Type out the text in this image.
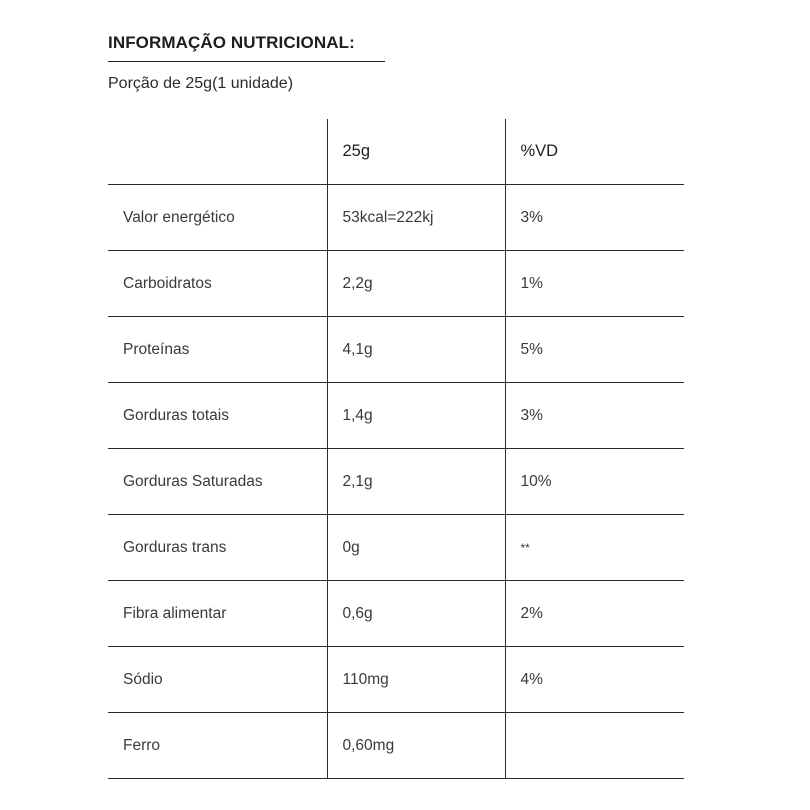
INFORMAÇÃO NUTRICIONAL:
Porção de 25g(1 unidade)
	25g	%VD
Valor energético	53kcal=222kj	3%
Carboidratos	2,2g	1%
Proteínas	4,1g	5%
Gorduras totais	1,4g	3%
Gorduras Saturadas	2,1g	10%
Gorduras trans	0g	**
Fibra alimentar	0,6g	2%
Sódio	110mg	4%
Ferro	0,60mg	
